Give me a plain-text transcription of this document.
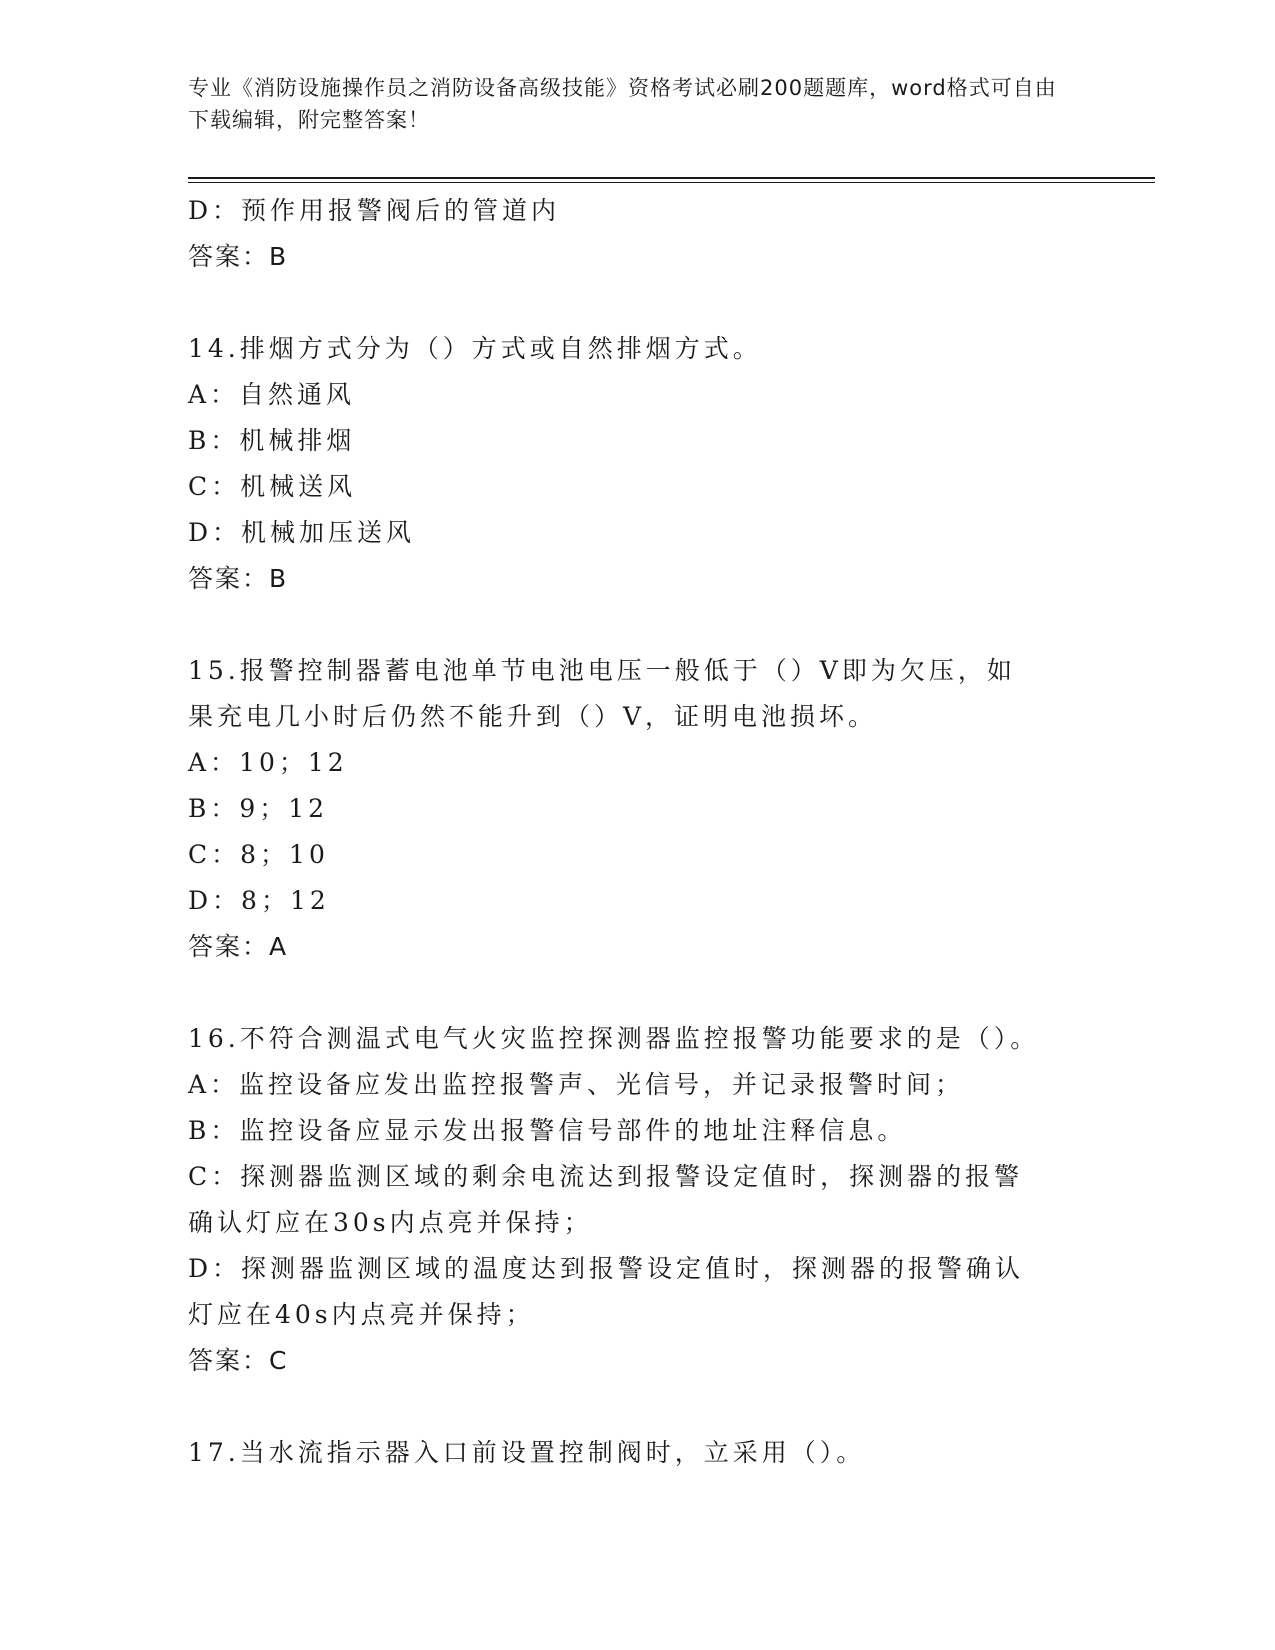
专业《消防设施操作员之消防设备高级技能》资格考试必刷200题题库，word格式可自由下载编辑，附完整答案！
D：预作用报警阀后的管道内
答案：B
14.排烟方式分为（）方式或自然排烟方式。
A：自然通风
B：机械排烟
C：机械送风
D：机械加压送风
答案：B
15.报警控制器蓄电池单节电池电压一般低于（）V即为欠压，如果充电几小时后仍然不能升到（）V，证明电池损坏。
A：10；12
B：9；12
C：8；10
D：8；12
答案：A
16.不符合测温式电气火灾监控探测器监控报警功能要求的是（）。
A：监控设备应发出监控报警声、光信号，并记录报警时间；
B：监控设备应显示发出报警信号部件的地址注释信息。
C：探测器监测区域的剩余电流达到报警设定值时，探测器的报警确认灯应在30s内点亮并保持；
D：探测器监测区域的温度达到报警设定值时，探测器的报警确认灯应在40s内点亮并保持；
答案：C
17.当水流指示器入口前设置控制阀时，立采用（）。
